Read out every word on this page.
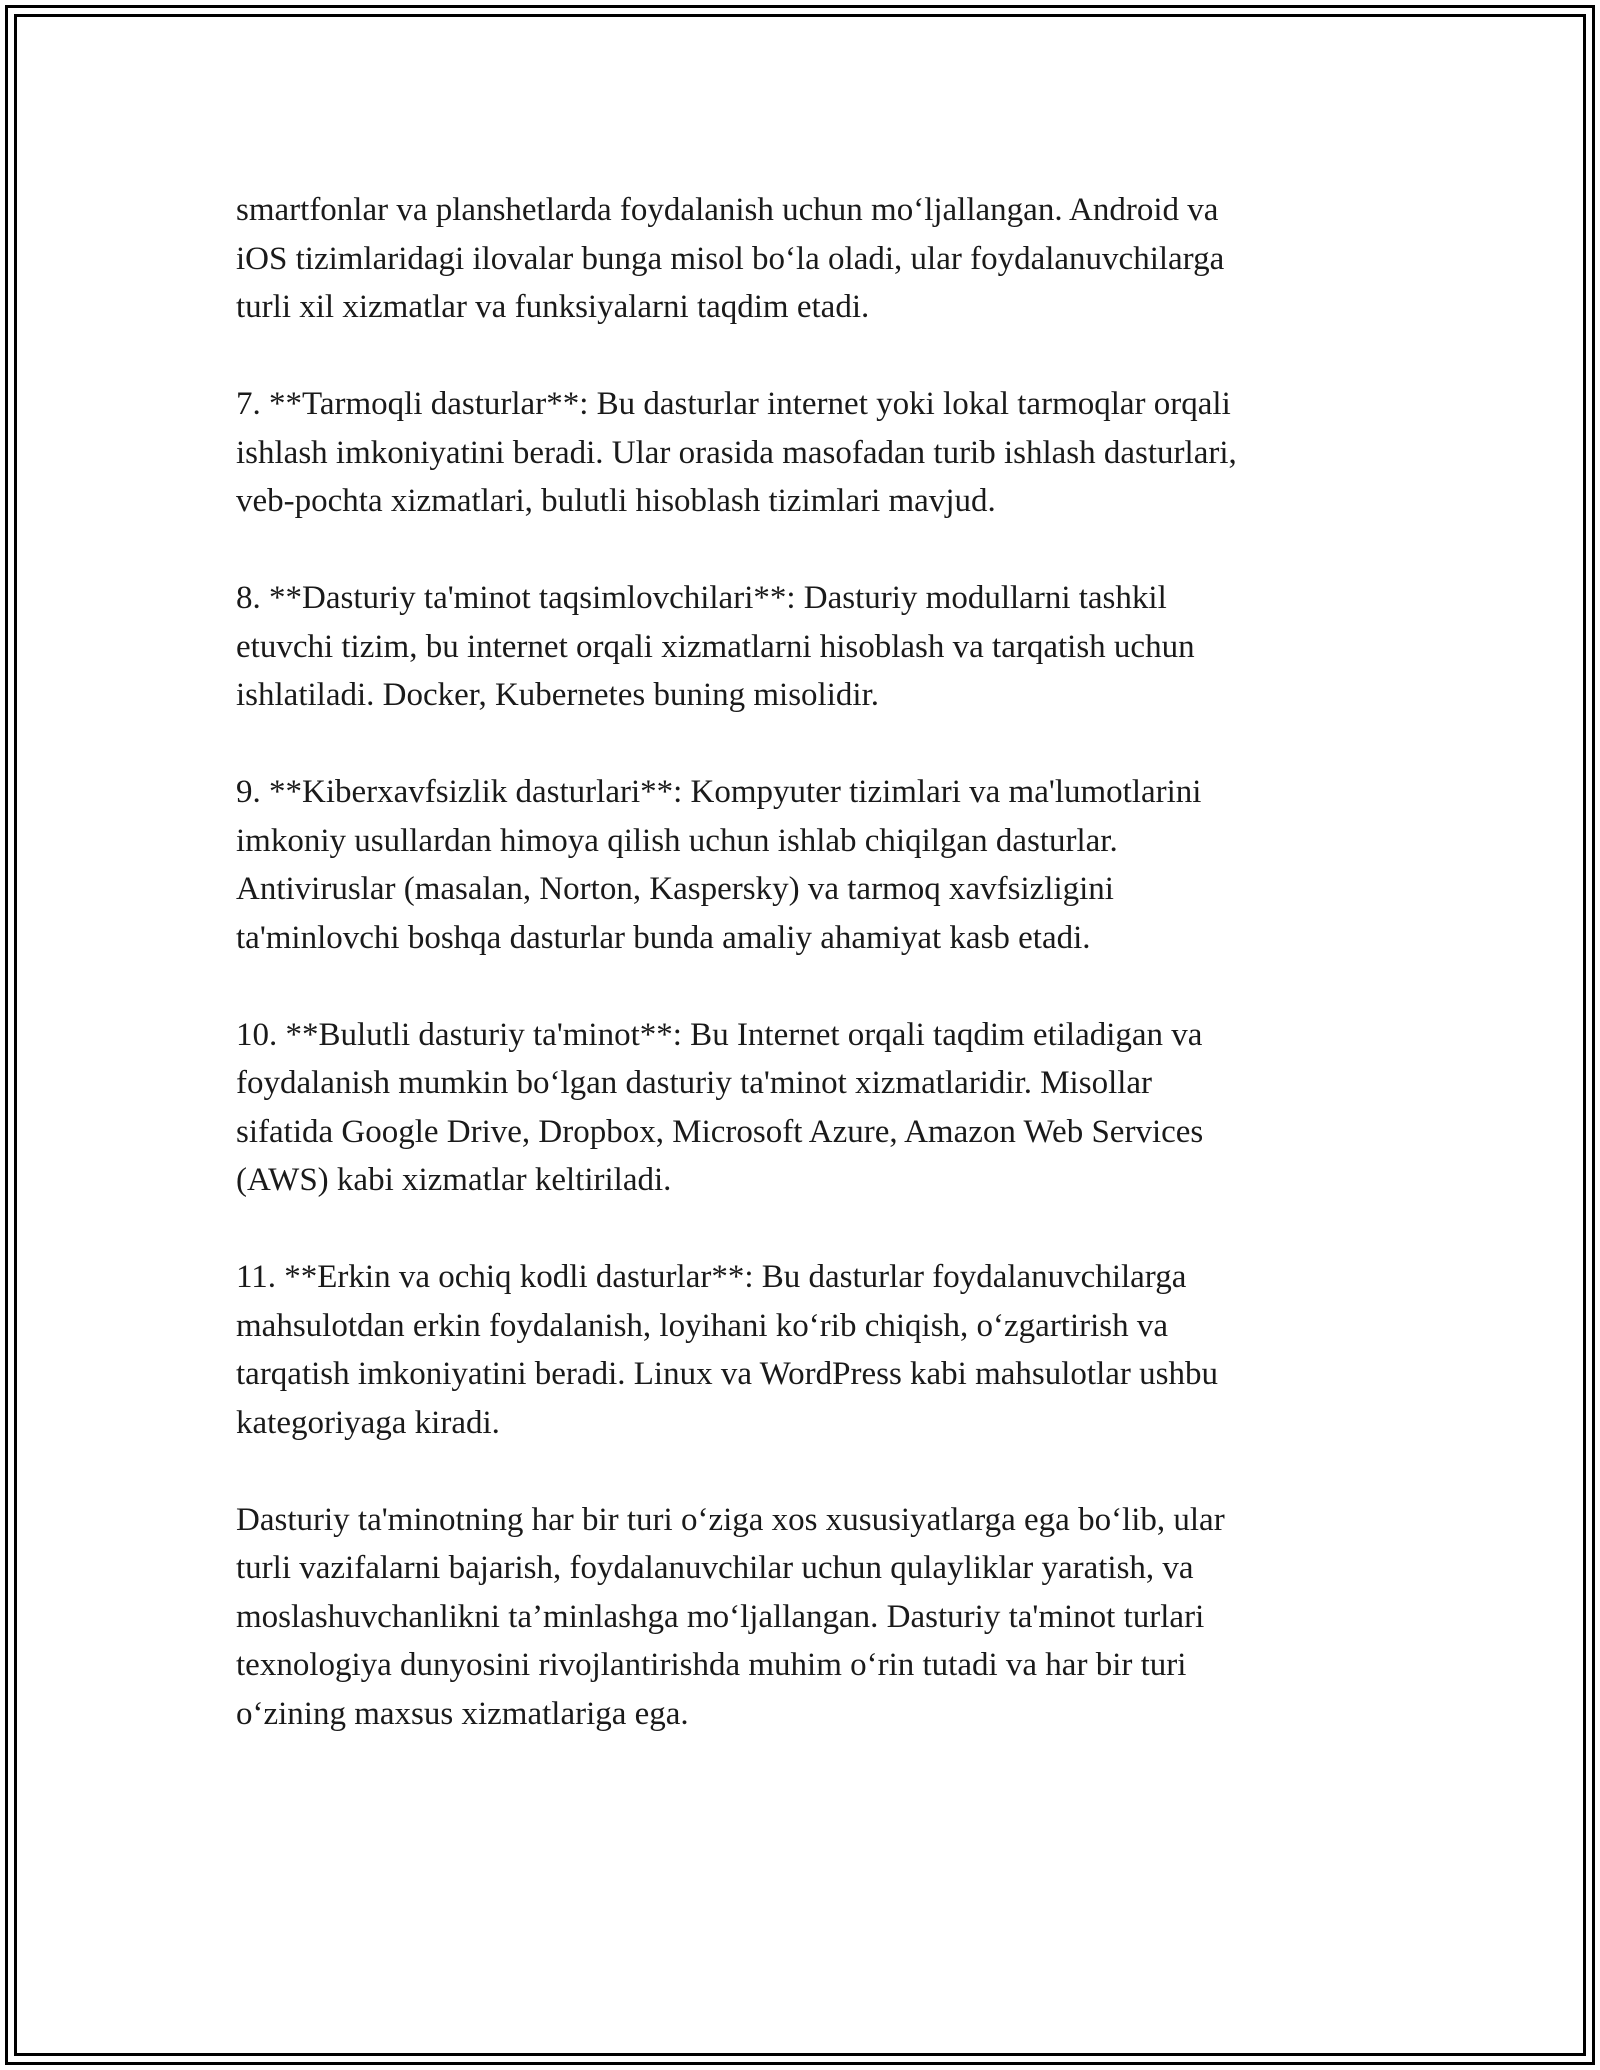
smartfonlar va planshetlarda foydalanish uchun mo‘ljallangan. Android va
iOS tizimlaridagi ilovalar bunga misol bo‘la oladi, ular foydalanuvchilarga
turli xil xizmatlar va funksiyalarni taqdim etadi.

7. **Tarmoqli dasturlar**: Bu dasturlar internet yoki lokal tarmoqlar orqali
ishlash imkoniyatini beradi. Ular orasida masofadan turib ishlash dasturlari,
veb-pochta xizmatlari, bulutli hisoblash tizimlari mavjud.

8. **Dasturiy ta'minot taqsimlovchilari**: Dasturiy modullarni tashkil
etuvchi tizim, bu internet orqali xizmatlarni hisoblash va tarqatish uchun
ishlatiladi. Docker, Kubernetes buning misolidir.

9. **Kiberxavfsizlik dasturlari**: Kompyuter tizimlari va ma'lumotlarini
imkoniy usullardan himoya qilish uchun ishlab chiqilgan dasturlar.
Antiviruslar (masalan, Norton, Kaspersky) va tarmoq xavfsizligini
ta'minlovchi boshqa dasturlar bunda amaliy ahamiyat kasb etadi.

10. **Bulutli dasturiy ta'minot**: Bu Internet orqali taqdim etiladigan va
foydalanish mumkin bo‘lgan dasturiy ta'minot xizmatlaridir. Misollar
sifatida Google Drive, Dropbox, Microsoft Azure, Amazon Web Services
(AWS) kabi xizmatlar keltiriladi.

11. **Erkin va ochiq kodli dasturlar**: Bu dasturlar foydalanuvchilarga
mahsulotdan erkin foydalanish, loyihani ko‘rib chiqish, o‘zgartirish va
tarqatish imkoniyatini beradi. Linux va WordPress kabi mahsulotlar ushbu
kategoriyaga kiradi.

Dasturiy ta'minotning har bir turi o‘ziga xos xususiyatlarga ega bo‘lib, ular
turli vazifalarni bajarish, foydalanuvchilar uchun qulayliklar yaratish, va
moslashuvchanlikni ta’minlashga mo‘ljallangan. Dasturiy ta'minot turlari
texnologiya dunyosini rivojlantirishda muhim o‘rin tutadi va har bir turi
o‘zining maxsus xizmatlariga ega.
